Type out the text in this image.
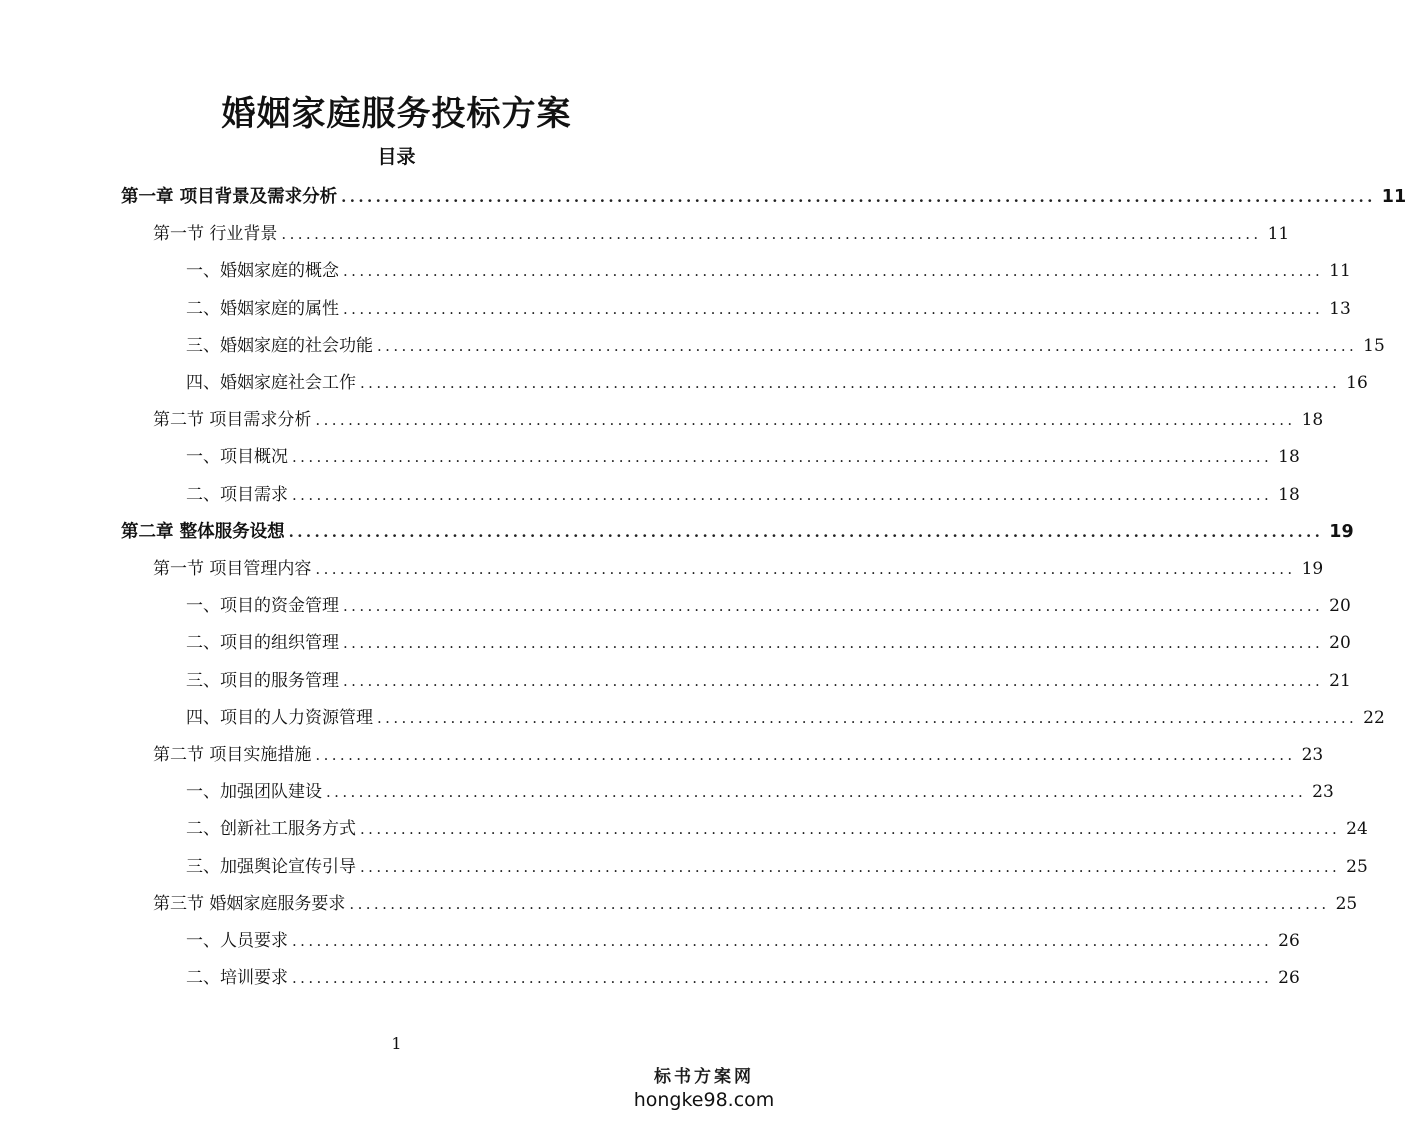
婚姻家庭服务投标方案
目录
第一章 项目背景及需求分析 ........................................................................................................................ 11
第一节 行业背景 ........................................................................................................................ 11
一、婚姻家庭的概念 ........................................................................................................................ 11
二、婚姻家庭的属性 ........................................................................................................................ 13
三、婚姻家庭的社会功能 ........................................................................................................................ 15
四、婚姻家庭社会工作 ........................................................................................................................ 16
第二节 项目需求分析 ........................................................................................................................ 18
一、项目概况 ........................................................................................................................ 18
二、项目需求 ........................................................................................................................ 18
第二章 整体服务设想 ........................................................................................................................ 19
第一节 项目管理内容 ........................................................................................................................ 19
一、项目的资金管理 ........................................................................................................................ 20
二、项目的组织管理 ........................................................................................................................ 20
三、项目的服务管理 ........................................................................................................................ 21
四、项目的人力资源管理 ........................................................................................................................ 22
第二节 项目实施措施 ........................................................................................................................ 23
一、加强团队建设 ........................................................................................................................ 23
二、创新社工服务方式 ........................................................................................................................ 24
三、加强舆论宣传引导 ........................................................................................................................ 25
第三节 婚姻家庭服务要求 ........................................................................................................................ 25
一、人员要求 ........................................................................................................................ 26
二、培训要求 ........................................................................................................................ 26
1
标书方案网
hongke98.com
